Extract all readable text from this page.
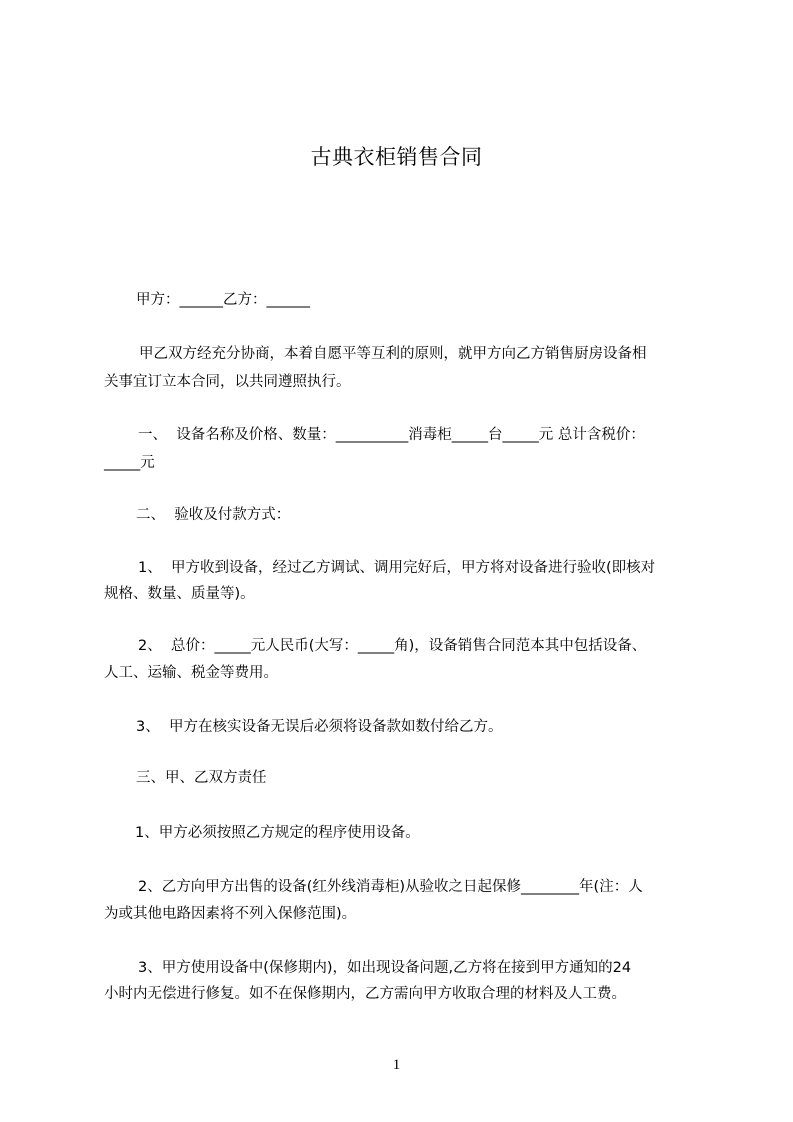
古典衣柜销售合同
甲方：______乙方：______
甲乙双方经充分协商，本着自愿平等互利的原则，就甲方向乙方销售厨房设备相
关事宜订立本合同，以共同遵照执行。
一、  设备名称及价格、数量：__________消毒柜_____台_____元 总计含税价：
_____元
二、  验收及付款方式：
1、  甲方收到设备，经过乙方调试、调用完好后，甲方将对设备进行验收(即核对
规格、数量、质量等)。
2、  总价：_____元人民币(大写：_____角)，设备销售合同范本其中包括设备、
人工、运输、税金等费用。
3、  甲方在核实设备无误后必须将设备款如数付给乙方。
三、甲、乙双方责任
1、甲方必须按照乙方规定的程序使用设备。
2、乙方向甲方出售的设备(红外线消毒柜)从验收之日起保修________年(注：人
为或其他电路因素将不列入保修范围)。
3、甲方使用设备中(保修期内)，如出现设备问题,乙方将在接到甲方通知的24
小时内无偿进行修复。如不在保修期内，乙方需向甲方收取合理的材料及人工费。
1
